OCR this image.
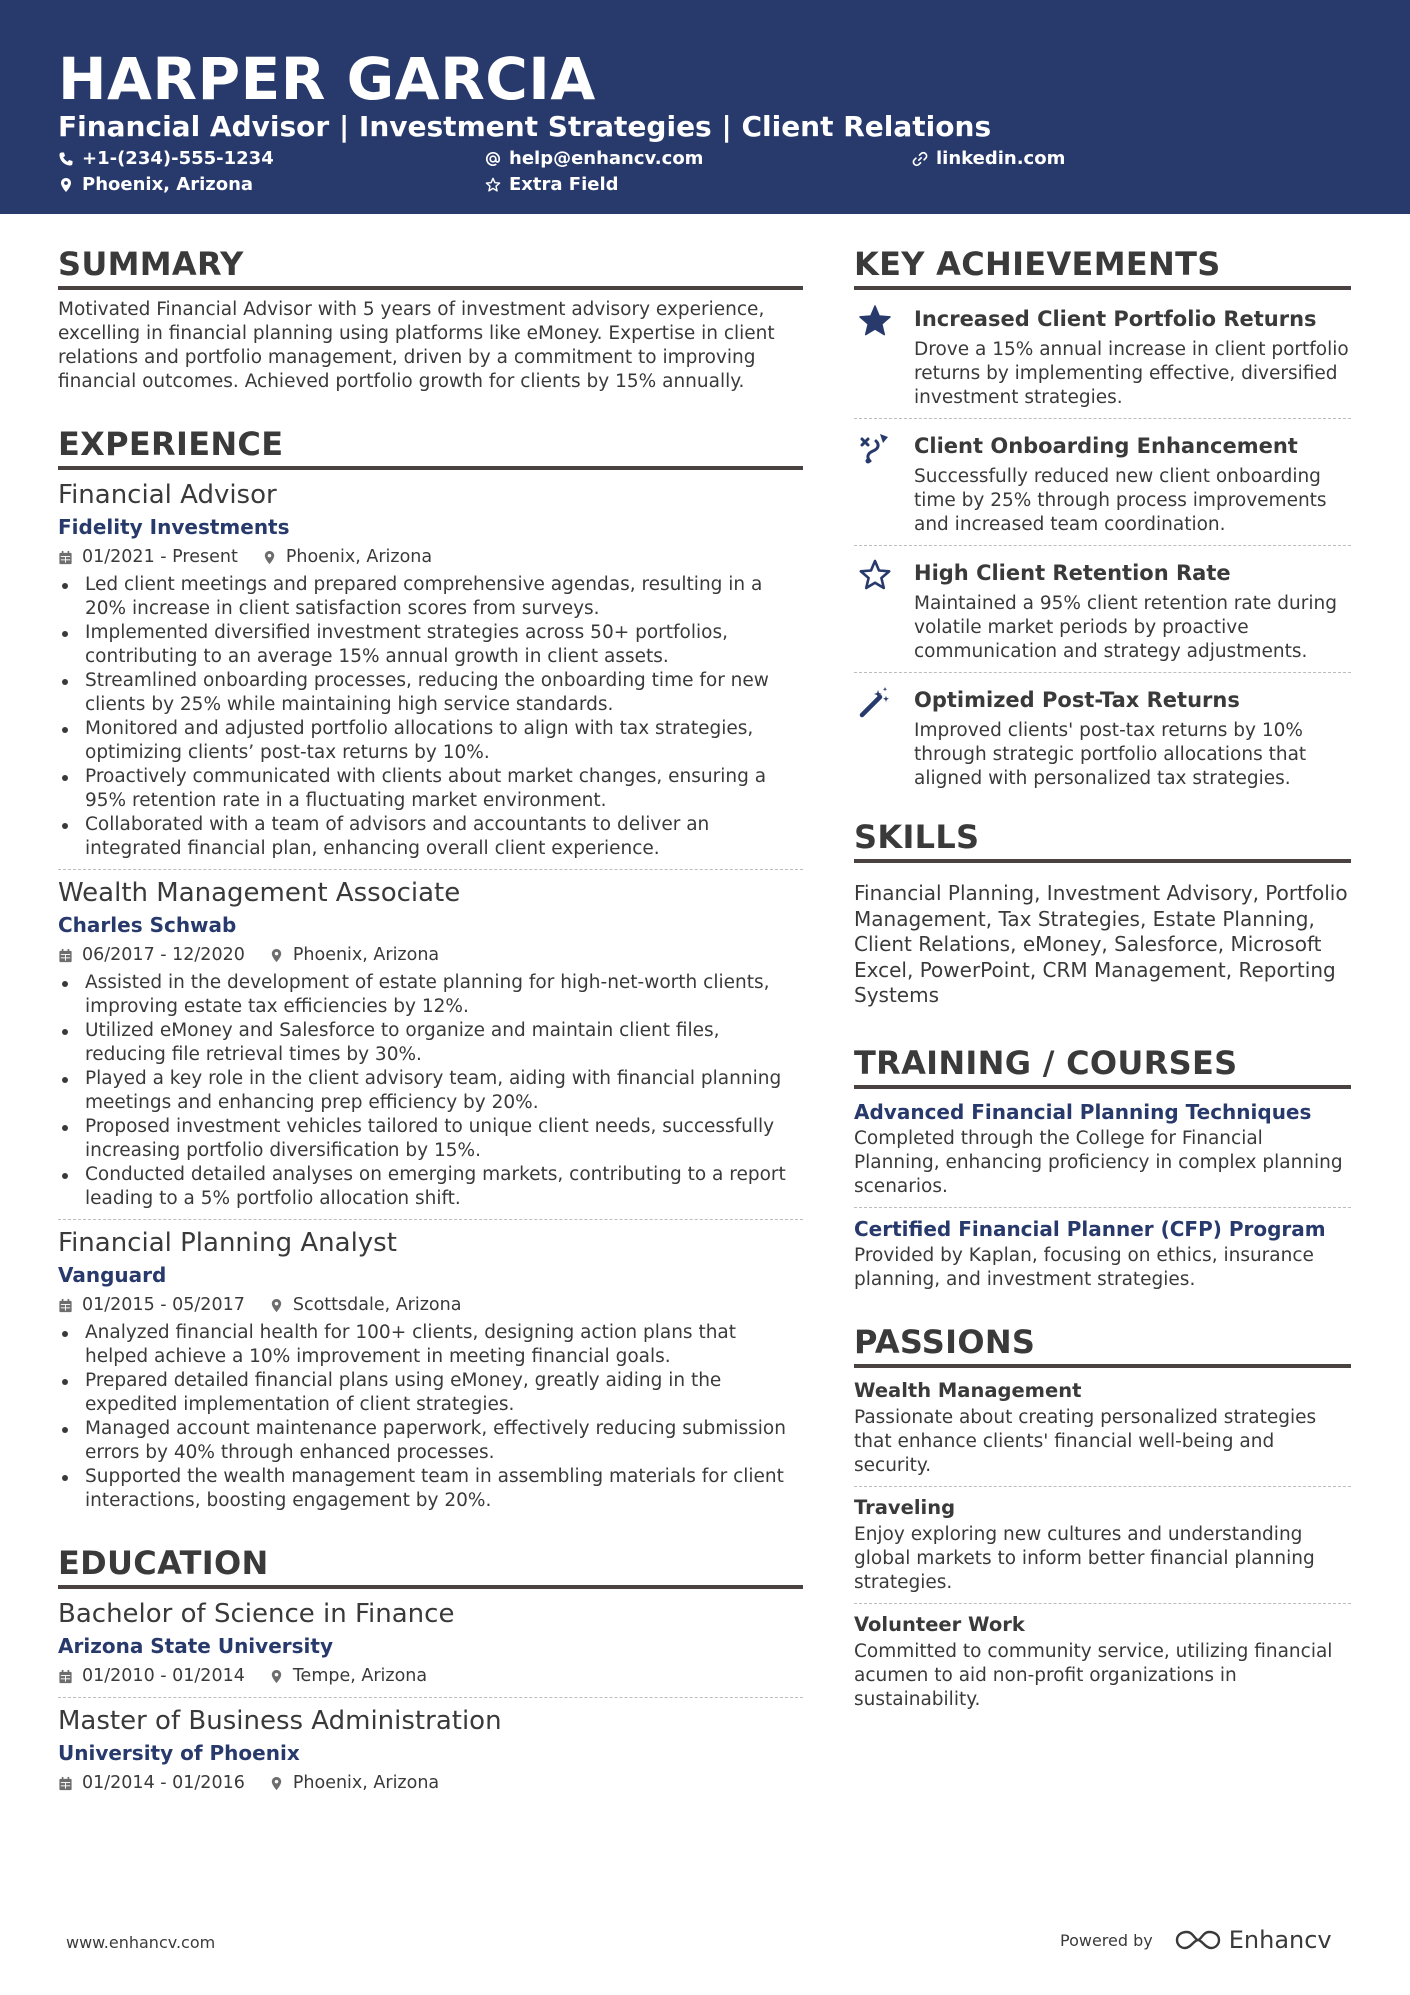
HARPER GARCIA
Financial Advisor | Investment Strategies | Client Relations
+1-(234)-555-1234	help@enhancv.com	linkedin.com
Phoenix, Arizona	Extra Field
SUMMARY
Motivated Financial Advisor with 5 years of investment advisory experience, excelling in financial planning using platforms like eMoney. Expertise in client relations and portfolio management, driven by a commitment to improving financial outcomes. Achieved portfolio growth for clients by 15% annually.
EXPERIENCE
Financial Advisor
Fidelity Investments
01/2021 - Present	Phoenix, Arizona
Led client meetings and prepared comprehensive agendas, resulting in a 20% increase in client satisfaction scores from surveys.
Implemented diversified investment strategies across 50+ portfolios, contributing to an average 15% annual growth in client assets.
Streamlined onboarding processes, reducing the onboarding time for new clients by 25% while maintaining high service standards.
Monitored and adjusted portfolio allocations to align with tax strategies, optimizing clients’ post-tax returns by 10%.
Proactively communicated with clients about market changes, ensuring a 95% retention rate in a fluctuating market environment.
Collaborated with a team of advisors and accountants to deliver an integrated financial plan, enhancing overall client experience.
Wealth Management Associate
Charles Schwab
06/2017 - 12/2020	Phoenix, Arizona
Assisted in the development of estate planning for high-net-worth clients, improving estate tax efficiencies by 12%.
Utilized eMoney and Salesforce to organize and maintain client files, reducing file retrieval times by 30%.
Played a key role in the client advisory team, aiding with financial planning meetings and enhancing prep efficiency by 20%.
Proposed investment vehicles tailored to unique client needs, successfully increasing portfolio diversification by 15%.
Conducted detailed analyses on emerging markets, contributing to a report leading to a 5% portfolio allocation shift.
Financial Planning Analyst
Vanguard
01/2015 - 05/2017	Scottsdale, Arizona
Analyzed financial health for 100+ clients, designing action plans that helped achieve a 10% improvement in meeting financial goals.
Prepared detailed financial plans using eMoney, greatly aiding in the expedited implementation of client strategies.
Managed account maintenance paperwork, effectively reducing submission errors by 40% through enhanced processes.
Supported the wealth management team in assembling materials for client interactions, boosting engagement by 20%.
EDUCATION
Bachelor of Science in Finance
Arizona State University
01/2010 - 01/2014	Tempe, Arizona
Master of Business Administration
University of Phoenix
01/2014 - 01/2016	Phoenix, Arizona
KEY ACHIEVEMENTS
Increased Client Portfolio Returns
Drove a 15% annual increase in client portfolio returns by implementing effective, diversified investment strategies.
Client Onboarding Enhancement
Successfully reduced new client onboarding time by 25% through process improvements and increased team coordination.
High Client Retention Rate
Maintained a 95% client retention rate during volatile market periods by proactive communication and strategy adjustments.
Optimized Post-Tax Returns
Improved clients' post-tax returns by 10% through strategic portfolio allocations that aligned with personalized tax strategies.
SKILLS
Financial Planning, Investment Advisory, Portfolio Management, Tax Strategies, Estate Planning, Client Relations, eMoney, Salesforce, Microsoft Excel, PowerPoint, CRM Management, Reporting Systems
TRAINING / COURSES
Advanced Financial Planning Techniques
Completed through the College for Financial Planning, enhancing proficiency in complex planning scenarios.
Certified Financial Planner (CFP) Program
Provided by Kaplan, focusing on ethics, insurance planning, and investment strategies.
PASSIONS
Wealth Management
Passionate about creating personalized strategies that enhance clients' financial well-being and security.
Traveling
Enjoy exploring new cultures and understanding global markets to inform better financial planning strategies.
Volunteer Work
Committed to community service, utilizing financial acumen to aid non-profit organizations in sustainability.
www.enhancv.com	Powered by	Enhancv
